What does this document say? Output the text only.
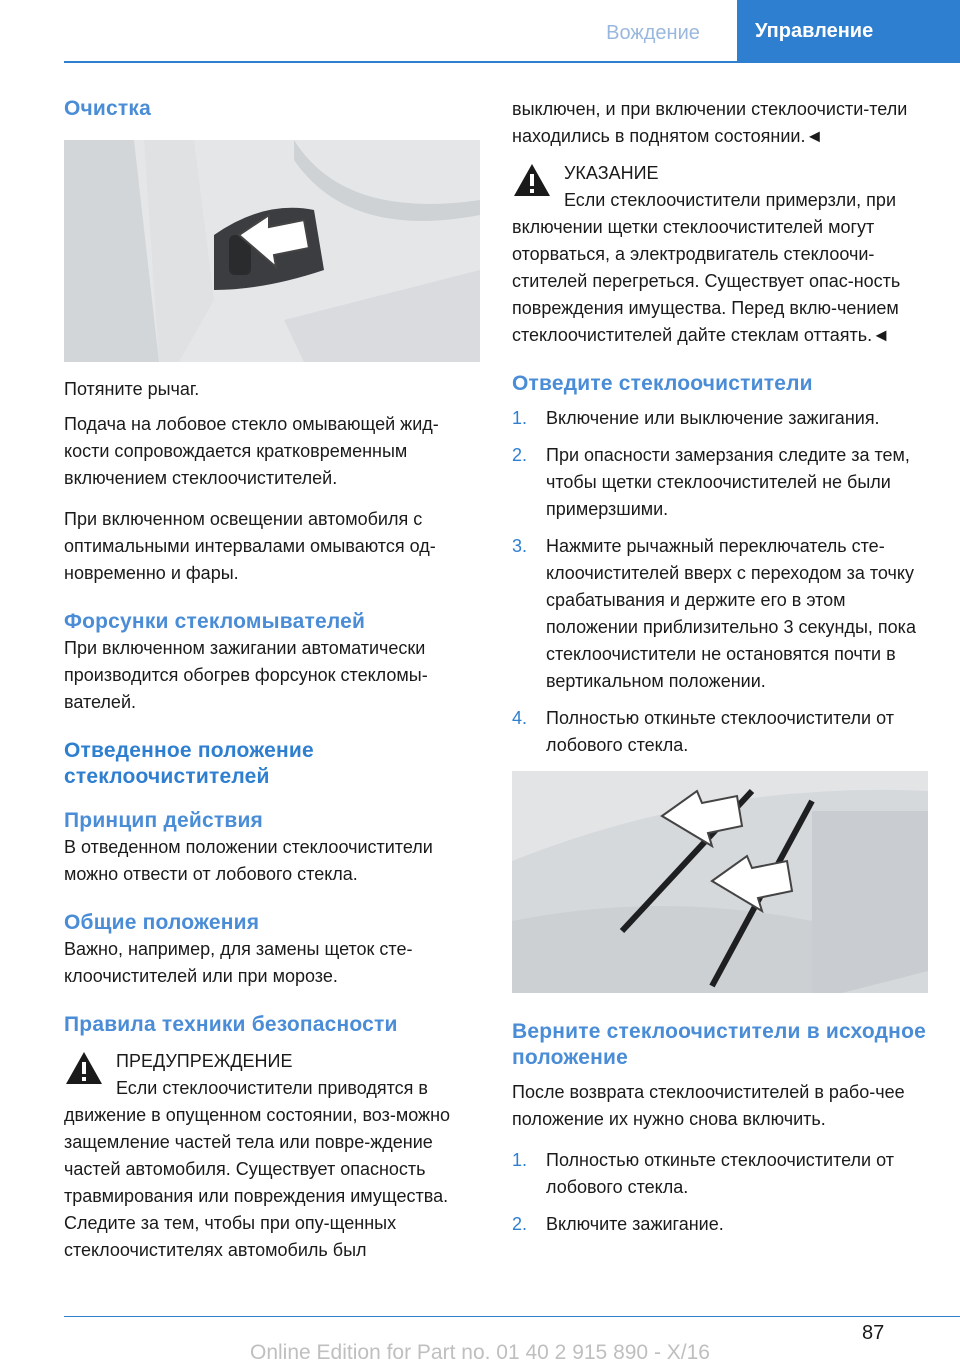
Вождение	Управление
Очистка

Потяните рычаг.

Подача на лобовое стекло омывающей жид-кости сопровождается кратковременным включением стеклоочистителей.

При включенном освещении автомобиля с оптимальными интервалами омываются од-новременно и фары.

Форсунки стекломывателей

При включенном зажигании автоматически производится обогрев форсунок стекломы-вателей.

Отведенное положение стеклоочистителей
Принцип действия

В отведенном положении стеклоочистители можно отвести от лобового стекла.

Общие положения

Важно, например, для замены щеток сте-клоочистителей или при морозе.

Правила техники безопасности
ПРЕДУПРЕЖДЕНИЕ
Если стеклоочистители приводятся в движение в опущенном состоянии, воз-можно защемление частей тела или повре-ждение частей автомобиля. Существует опасность травмирования или повреждения имущества. Следите за тем, чтобы при опу-щенных стеклоочистителях автомобиль был

выключен, и при включении стеклоочисти-тели находились в поднятом состоянии.◄

УКАЗАНИЕ
Если стеклоочистители примерзли, при включении щетки стеклоочистителей могут оторваться, а электродвигатель стеклоочи-стителей перегреться. Существует опас-ность повреждения имущества. Перед вклю-чением стеклоочистителей дайте стеклам оттаять.◄
Отведите стеклоочистители
1. Включение или выключение зажигания.
2. При опасности замерзания следите за тем, чтобы щетки стеклоочистителей не были примерзшими.
3. Нажмите рычажный переключатель сте-клоочистителей вверх с переходом за точку срабатывания и держите его в этом положении приблизительно 3 секунды, пока стеклоочистители не остановятся почти в вертикальном положении.
4. Полностью откиньте стеклоочистители от лобового стекла.
Верните стеклоочистители в исходное положение

После возврата стеклоочистителей в рабо-чее положение их нужно снова включить.

1. Полностью откиньте стеклоочистители от лобового стекла.
2. Включите зажигание.
87
Online Edition for Part no. 01 40 2 915 890 - X/16
